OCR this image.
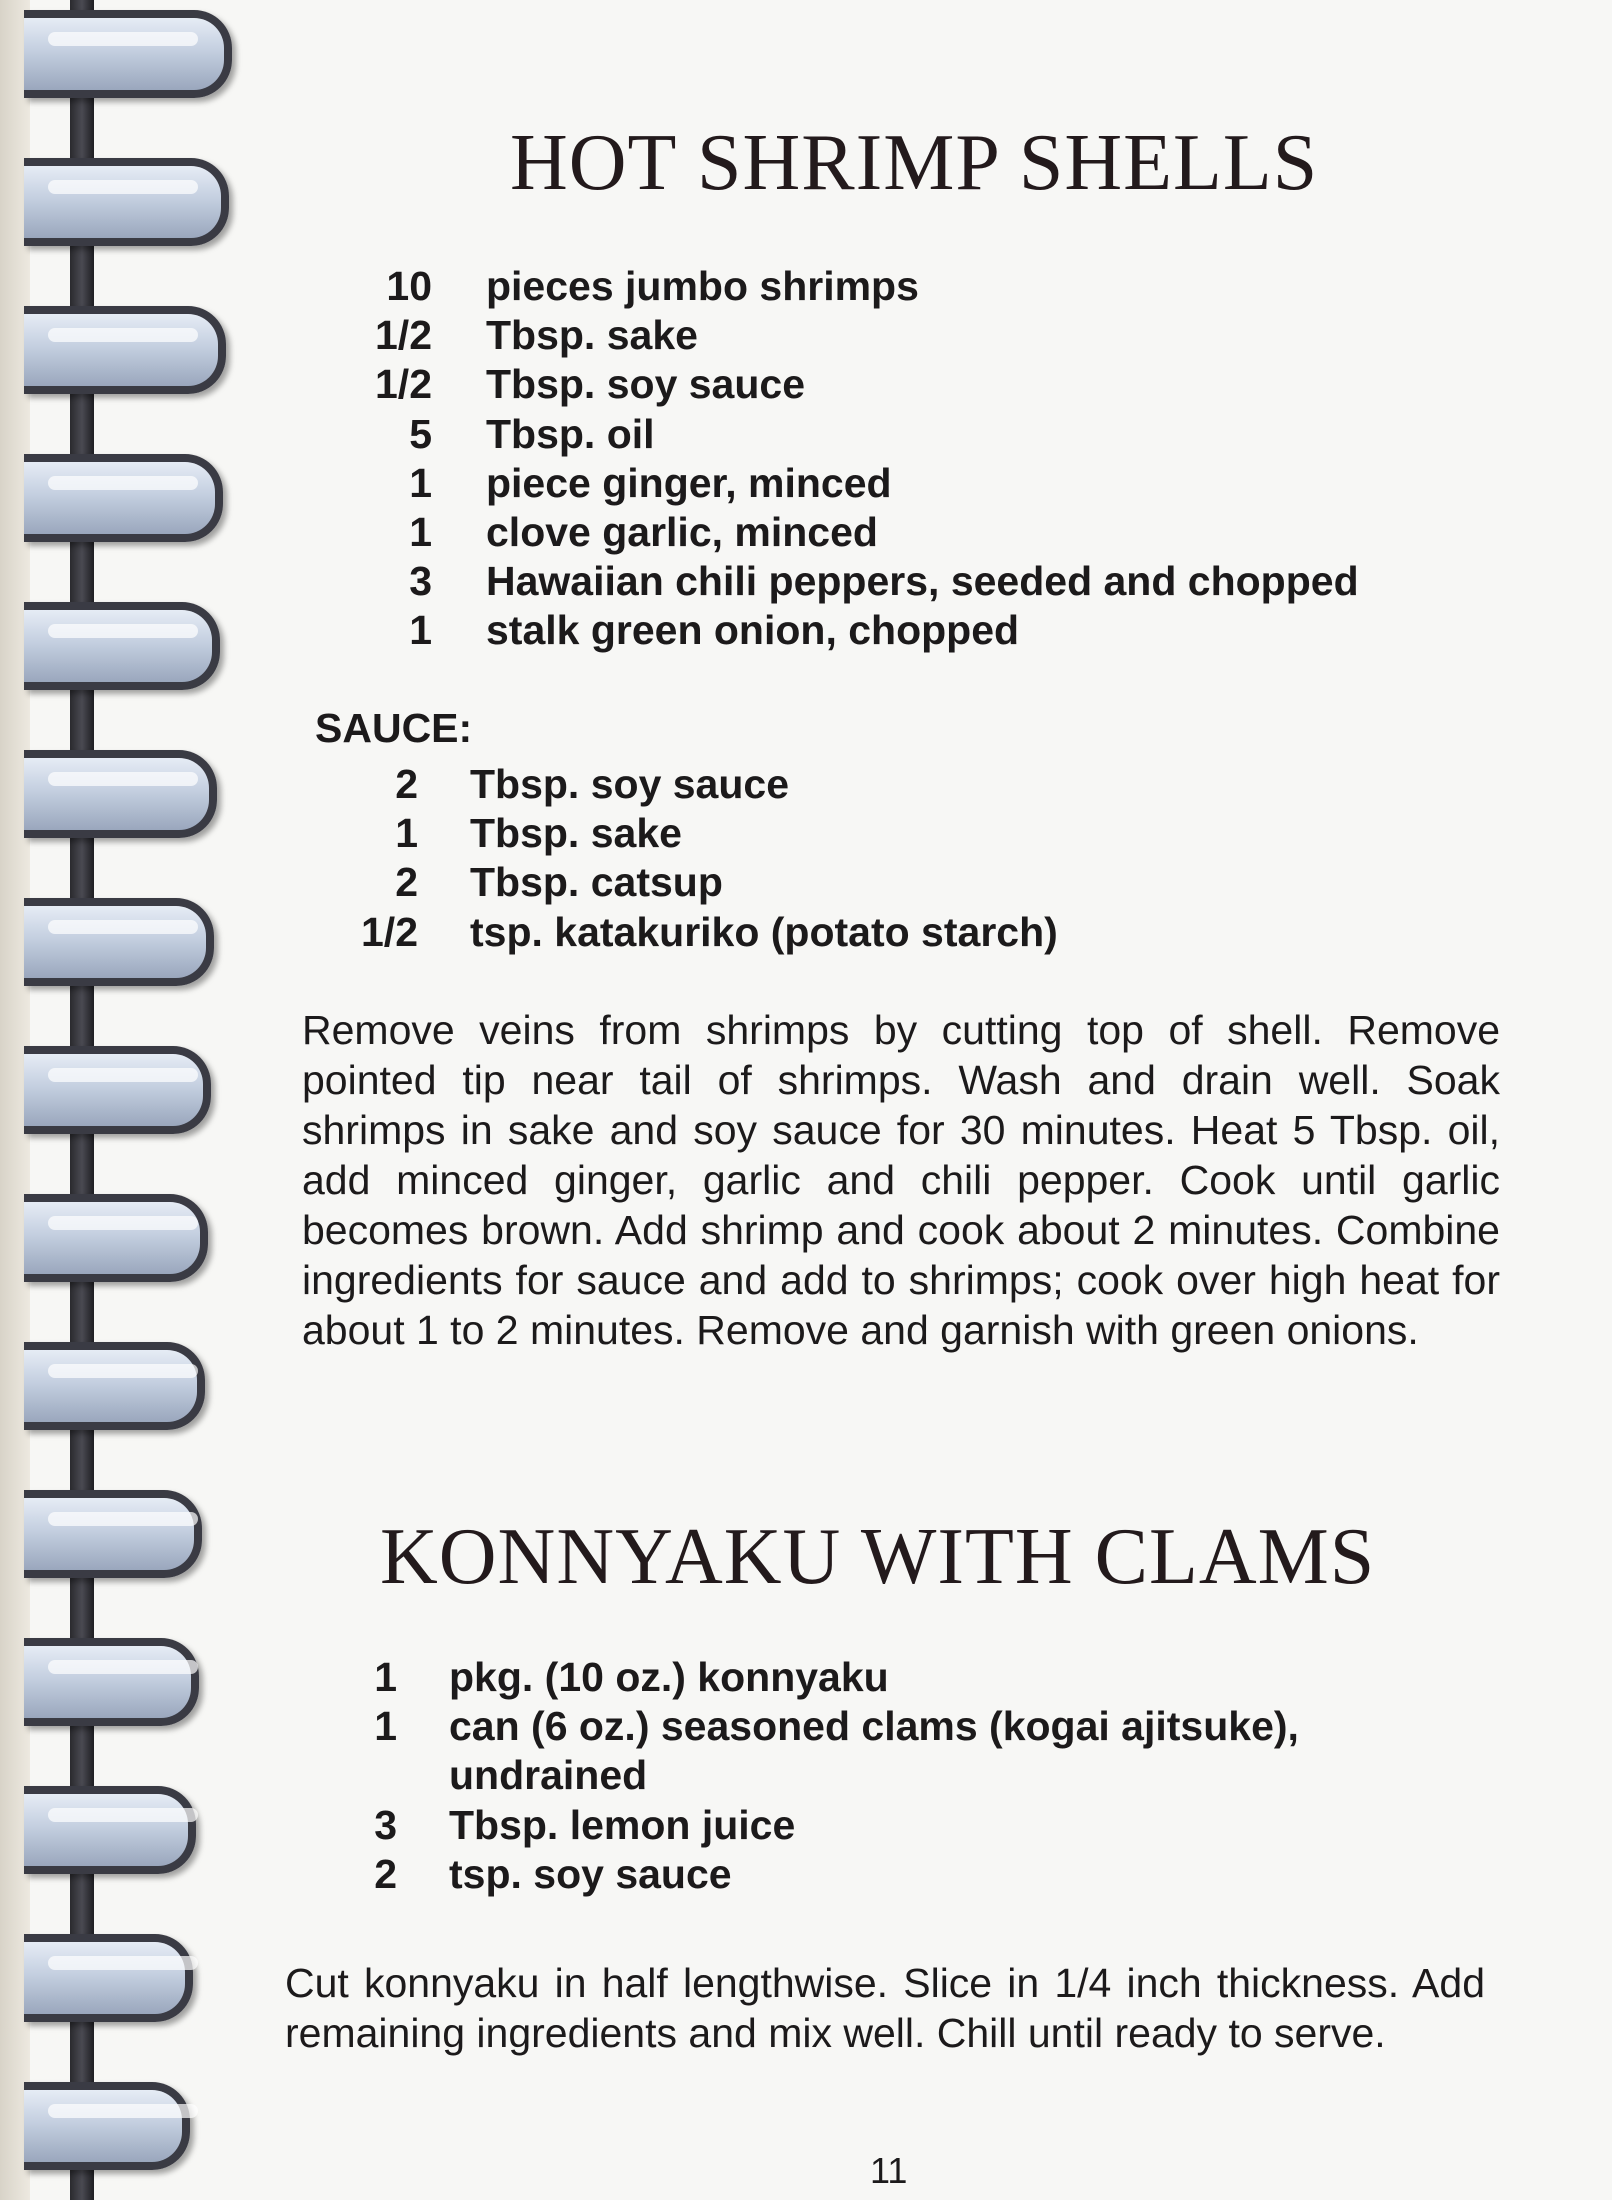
HOT SHRIMP SHELLS
10 pieces jumbo shrimps
1/2 Tbsp. sake
1/2 Tbsp. soy sauce
5 Tbsp. oil
1 piece ginger, minced
1 clove garlic, minced
3 Hawaiian chili peppers, seeded and chopped
1 stalk green onion, chopped

SAUCE:

2 Tbsp. soy sauce
1 Tbsp. sake
2 Tbsp. catsup
1/2 tsp. katakuriko (potato starch)

Remove veins from shrimps by cutting top of shell. Remove pointed tip near tail of shrimps. Wash and drain well. Soak shrimps in sake and soy sauce for 30 minutes. Heat 5 Tbsp. oil, add minced ginger, garlic and chili pepper. Cook until garlic becomes brown. Add shrimp and cook about 2 minutes. Combine ingredients for sauce and add to shrimps; cook over high heat for about 1 to 2 minutes. Remove and garnish with green onions.

KONNYAKU WITH CLAMS
1 pkg. (10 oz.) konnyaku
1 can (6 oz.) seasoned clams (kogai ajitsuke), undrained
3 Tbsp. lemon juice
2 tsp. soy sauce

Cut konnyaku in half lengthwise. Slice in 1/4 inch thickness. Add remaining ingredients and mix well. Chill until ready to serve.

11
